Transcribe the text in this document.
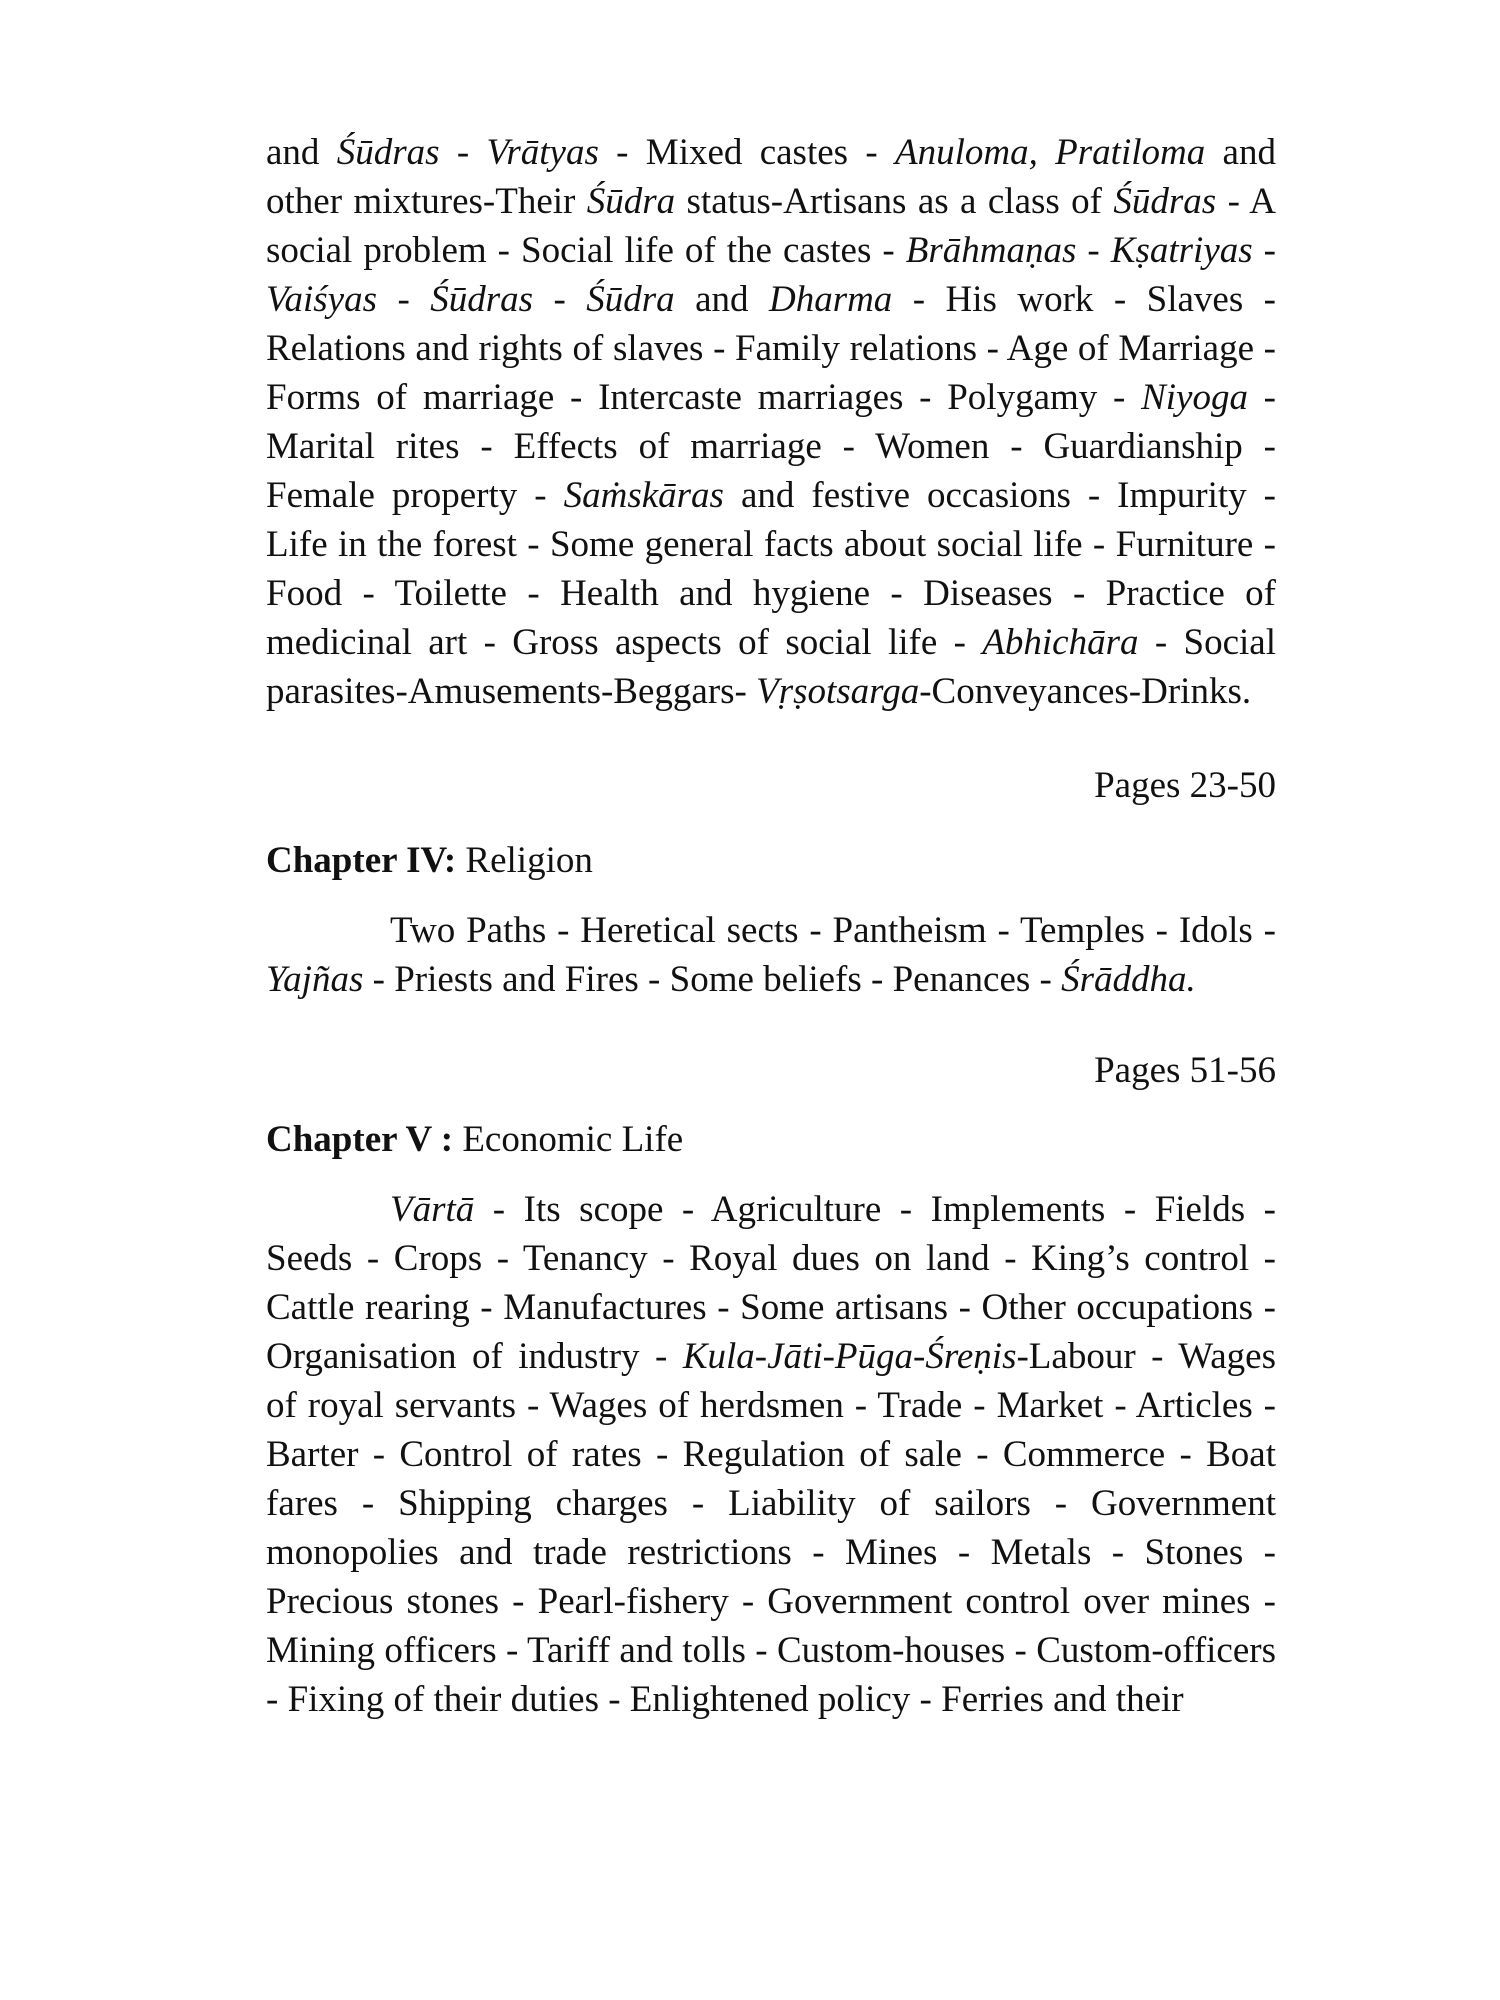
and Śūdras - Vrātyas - Mixed castes - Anuloma, Pratiloma and other mixtures-Their Śūdra status-Artisans as a class of Śūdras - A social problem - Social life of the castes - Brāhmaṇas - Kṣatriyas - Vaiśyas - Śūdras - Śūdra and Dharma - His work - Slaves - Relations and rights of slaves - Family relations - Age of Marriage - Forms of marriage - Intercaste marriages - Polygamy - Niyoga - Marital rites - Effects of marriage - Women - Guardianship - Female property - Saṁskāras and festive occasions - Impurity - Life in the forest - Some general facts about social life - Furniture - Food - Toilette - Health and hygiene - Diseases - Practice of medicinal art - Gross aspects of social life - Abhichāra - Social parasites-Amusements-Beggars- Vṛṣotsarga-Conveyances-Drinks.

Pages 23-50

Chapter IV: Religion

Two Paths - Heretical sects - Pantheism - Temples - Idols - Yajñas - Priests and Fires - Some beliefs - Penances - Śrāddha.

Pages 51-56

Chapter V : Economic Life

Vārtā - Its scope - Agriculture - Implements - Fields - Seeds - Crops - Tenancy - Royal dues on land - King’s control - Cattle rearing - Manufactures - Some artisans - Other occupations - Organisation of industry - Kula-Jāti-Pūga-Śreṇis-Labour - Wages of royal servants - Wages of herdsmen - Trade - Market - Articles - Barter - Control of rates - Regulation of sale - Commerce - Boat fares - Shipping charges - Liability of sailors - Government monopolies and trade restrictions - Mines - Metals - Stones - Precious stones - Pearl-fishery - Government control over mines - Mining officers - Tariff and tolls - Custom-houses - Custom-officers - Fixing of their duties - Enlightened policy - Ferries and their
